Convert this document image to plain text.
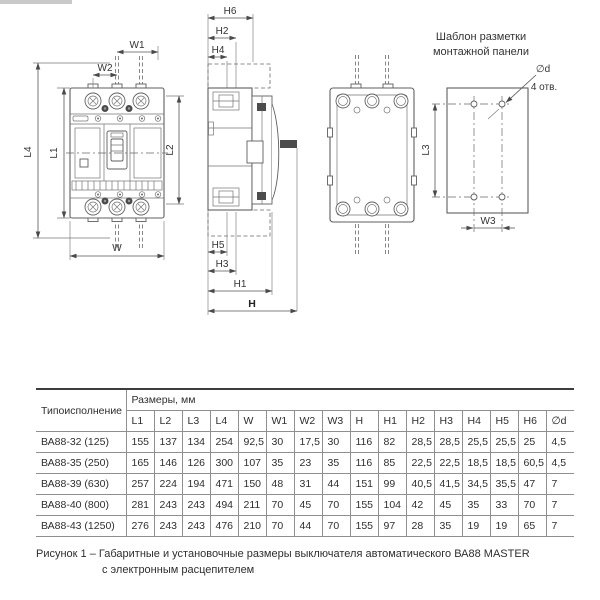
W1
W2
L4 L1	L2
W
H6
H2
H4
H5
H3
H1
H
Шаблон разметки
монтажной панели
∅d
4 отв.
L3
W3
Типоисполнение	Размеры, мм															
	L1	L2	L3	L4	W	W1	W2	W3	H	H1	H2	H3	H4	H5	H6	∅d
ВА88-32 (125)	155	137	134	254	92,5	30	17,5	30	116	82	28,5	28,5	25,5	25,5	25	4,5
ВА88-35 (250)	165	146	126	300	107	35	23	35	116	85	22,5	22,5	18,5	18,5	60,5	4,5
ВА88-39 (630)	257	224	194	471	150	48	31	44	151	99	40,5	41,5	34,5	35,5	47	7
ВА88-40 (800)	281	243	243	494	211	70	45	70	155	104	42	45	35	33	70	7
ВА88-43 (1250)	276	243	243	476	210	70	44	70	155	97	28	35	19	19	65	7
Рисунок 1 – Габаритные и установочные размеры выключателя автоматического ВА88 MASTER
с электронным расцепителем
